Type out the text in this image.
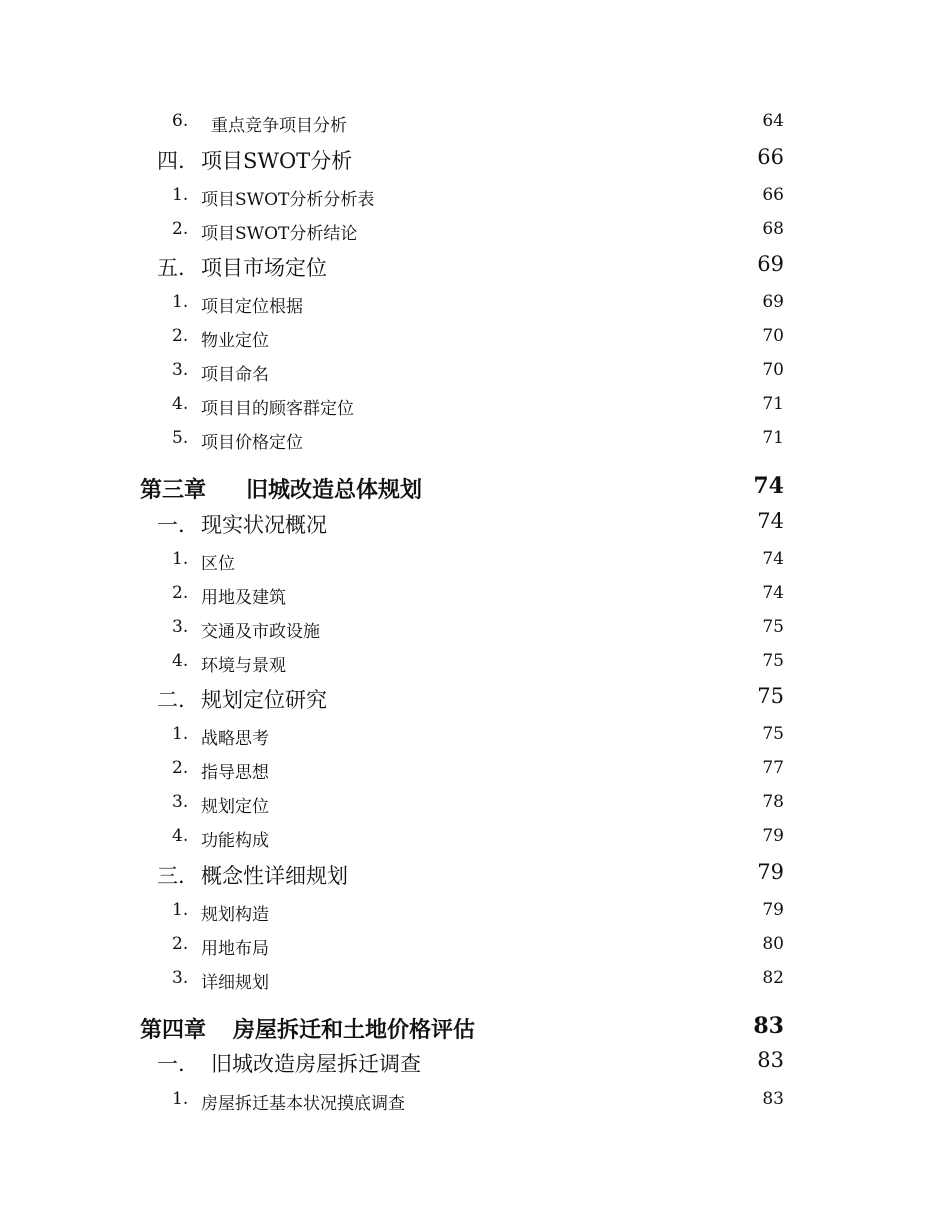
6. 重点竞争项目分析	64
四. 项目SWOT分析	66
1. 项目SWOT分析分析表	66
2. 项目SWOT分析结论	68
五. 项目市场定位	69
1. 项目定位根据	69
2. 物业定位	70
3. 项目命名	70
4. 项目目的顾客群定位	71
5. 项目价格定位	71
第三章 旧城改造总体规划	74
一. 现实状况概况	74
1. 区位	74
2. 用地及建筑	74
3. 交通及市政设施	75
4. 环境与景观	75
二. 规划定位研究	75
1. 战略思考	75
2. 指导思想	77
3. 规划定位	78
4. 功能构成	79
三. 概念性详细规划	79
1. 规划构造	79
2. 用地布局	80
3. 详细规划	82
第四章 房屋拆迁和土地价格评估	83
一. 旧城改造房屋拆迁调查	83
1. 房屋拆迁基本状况摸底调查	83
